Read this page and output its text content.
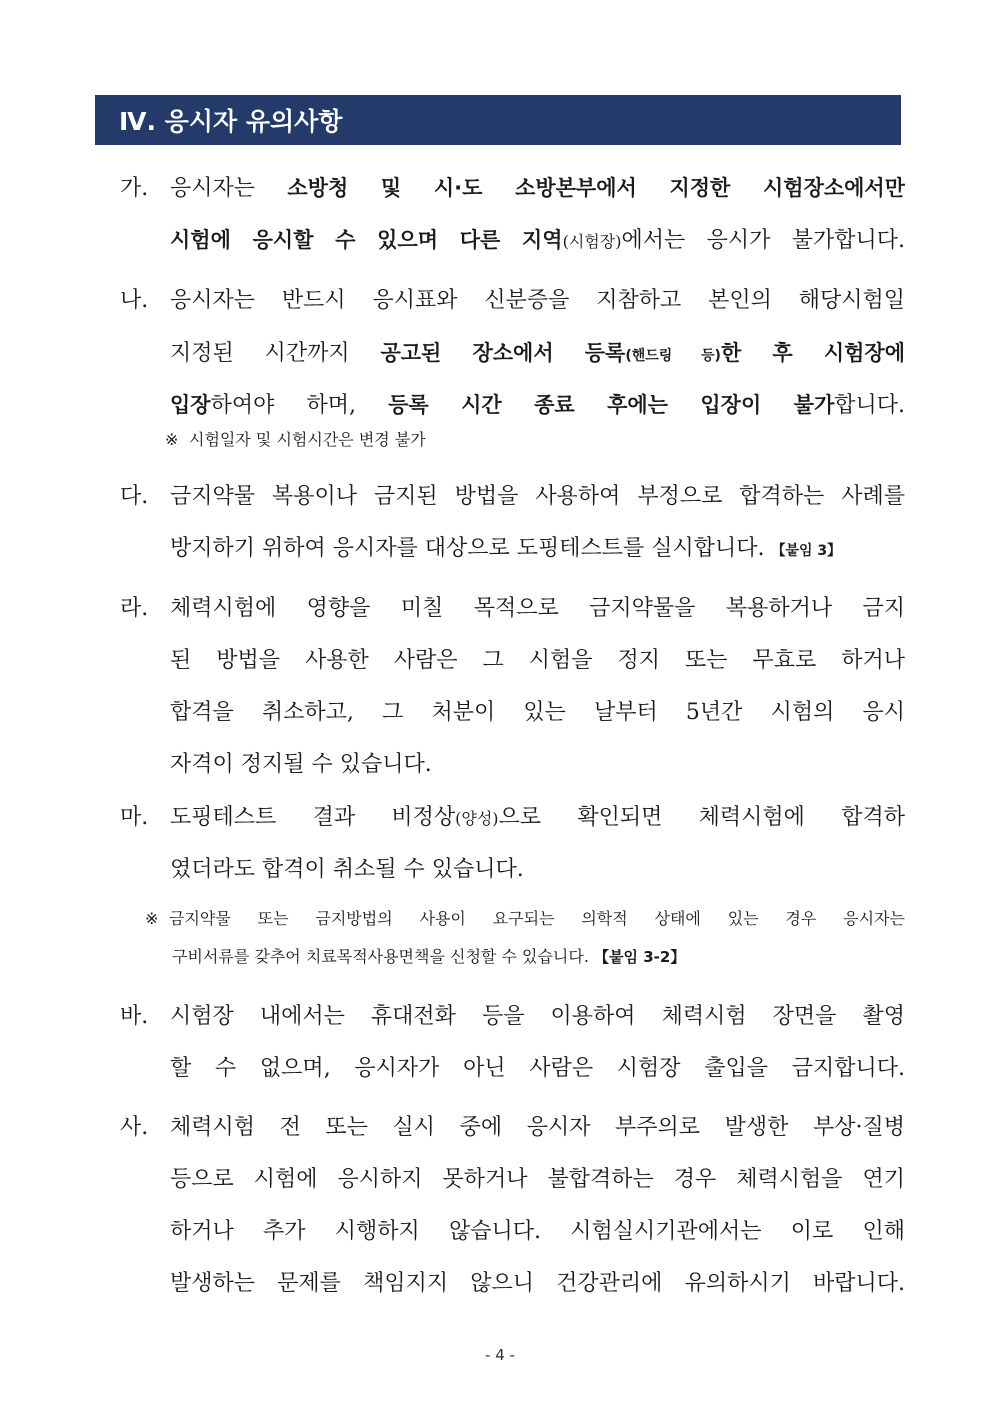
Ⅳ. 응시자 유의사항
가. 응시자는 소방청 및 시·도 소방본부에서 지정한 시험장소에서만
시험에 응시할 수 있으며 다른 지역(시험장)에서는 응시가 불가합니다.
나. 응시자는 반드시 응시표와 신분증을 지참하고 본인의 해당시험일
지정된 시간까지 공고된 장소에서 등록(핸드링 등)한 후 시험장에
입장하여야 하며, 등록 시간 종료 후에는 입장이 불가합니다.
※ 시험일자 및 시험시간은 변경 불가
다. 금지약물 복용이나 금지된 방법을 사용하여 부정으로 합격하는 사례를
방지하기 위하여 응시자를 대상으로 도핑테스트를 실시합니다. 【붙임 3】
라. 체력시험에 영향을 미칠 목적으로 금지약물을 복용하거나 금지
된 방법을 사용한 사람은 그 시험을 정지 또는 무효로 하거나
합격을 취소하고, 그 처분이 있는 날부터 5년간 시험의 응시
자격이 정지될 수 있습니다.
마. 도핑테스트 결과 비정상(양성)으로 확인되면 체력시험에 합격하
였더라도 합격이 취소될 수 있습니다.
※ 금지약물 또는 금지방법의 사용이 요구되는 의학적 상태에 있는 경우 응시자는
구비서류를 갖추어 치료목적사용면책을 신청할 수 있습니다. 【붙임 3-2】
바. 시험장 내에서는 휴대전화 등을 이용하여 체력시험 장면을 촬영
할 수 없으며, 응시자가 아닌 사람은 시험장 출입을 금지합니다.
사. 체력시험 전 또는 실시 중에 응시자 부주의로 발생한 부상·질병
등으로 시험에 응시하지 못하거나 불합격하는 경우 체력시험을 연기
하거나 추가 시행하지 않습니다. 시험실시기관에서는 이로 인해
발생하는 문제를 책임지지 않으니 건강관리에 유의하시기 바랍니다.
- 4 -
